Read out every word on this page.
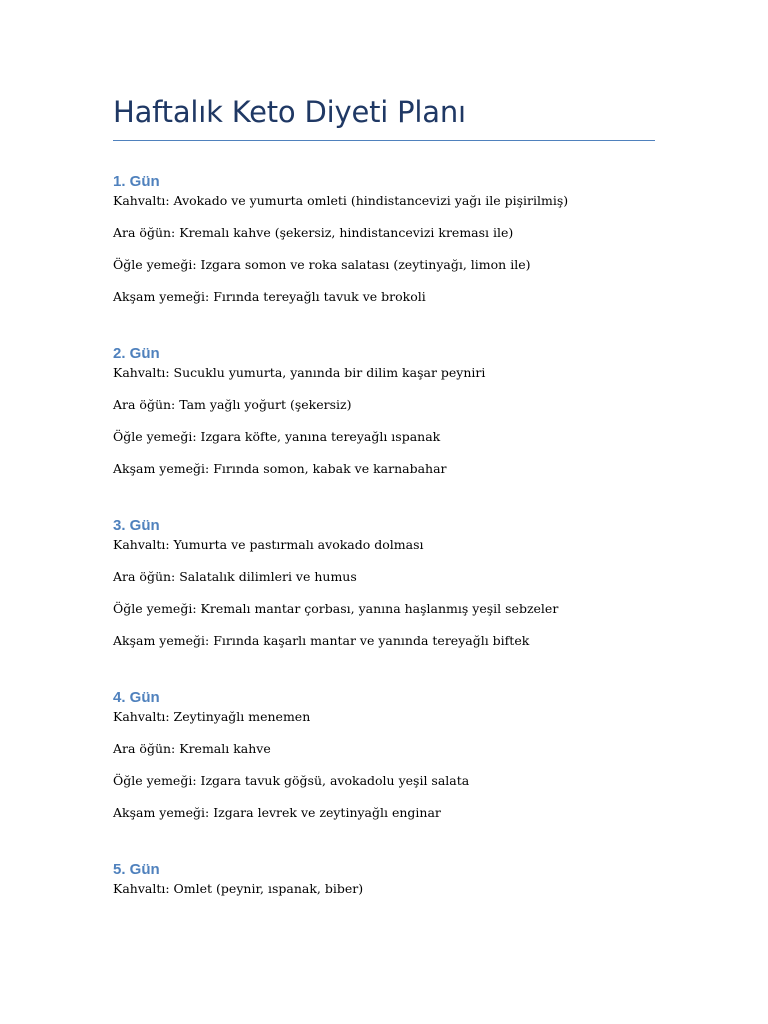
Haftalık Keto Diyeti Planı
1. Gün

Kahvaltı: Avokado ve yumurta omleti (hindistancevizi yağı ile pişirilmiş)

Ara öğün: Kremalı kahve (şekersiz, hindistancevizi kreması ile)

Öğle yemeği: Izgara somon ve roka salatası (zeytinyağı, limon ile)

Akşam yemeği: Fırında tereyağlı tavuk ve brokoli

2. Gün

Kahvaltı: Sucuklu yumurta, yanında bir dilim kaşar peyniri

Ara öğün: Tam yağlı yoğurt (şekersiz)

Öğle yemeği: Izgara köfte, yanına tereyağlı ıspanak

Akşam yemeği: Fırında somon, kabak ve karnabahar

3. Gün

Kahvaltı: Yumurta ve pastırmalı avokado dolması

Ara öğün: Salatalık dilimleri ve humus

Öğle yemeği: Kremalı mantar çorbası, yanına haşlanmış yeşil sebzeler

Akşam yemeği: Fırında kaşarlı mantar ve yanında tereyağlı biftek

4. Gün

Kahvaltı: Zeytinyağlı menemen

Ara öğün: Kremalı kahve

Öğle yemeği: Izgara tavuk göğsü, avokadolu yeşil salata

Akşam yemeği: Izgara levrek ve zeytinyağlı enginar

5. Gün

Kahvaltı: Omlet (peynir, ıspanak, biber)
